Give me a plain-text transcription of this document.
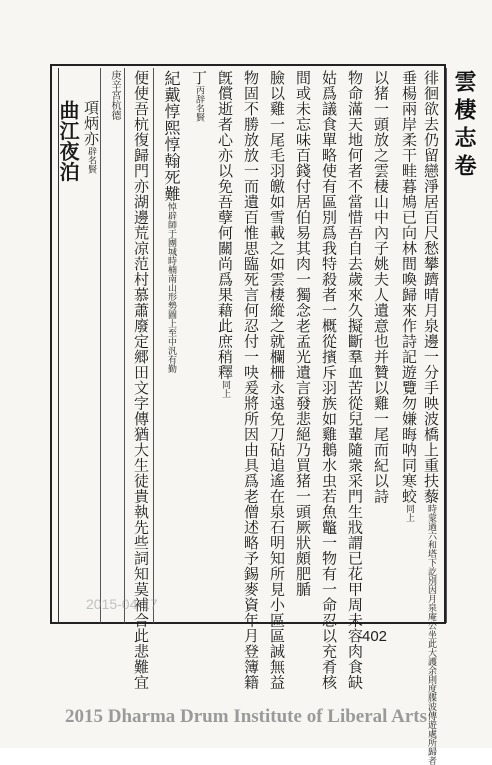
雲棲志卷
徘徊欲去仍留戀淨居百尺愁攀躋晴月泉邊一分手映波橋上重扶藜時蒙過六和塔下訖別因月泉庵公坐此大護余則度牒波傳遊處所歸者
垂楊兩岸柔干畦暮鳩已向林間喚歸來作詩記遊覽勿嫌晦呐同寒蛟同上
以猪一頭放之雲棲山中內子姚夫人遺意也并贊以雞一尾而紀以詩
物命滿天地何者不當惜吾自去歲來久擬斷羣血苦從兒輩隨衆采門生戕謂已花甲周未容肉食缺
姑爲議食單略使有區別爲我特殺者一概從擯斥羽族如雞鵝水虫若魚鼈一物有一命忍以充肴核
間或未忘味百錢付居伯易其肉一獨念老孟光遺言發悲絕乃買猪一頭厥狀頗肥腯
臉以雞一尾毛羽皦如雪載之如雲棲縱之就欄柵永遠免刀砧追遙在泉石明知所見小區區誠無益
物固不勝放放一而遺百惟思臨死言何忍付一吷爰將所因由具爲老僧述略予錫麥資年月登簿籍
旣償逝者心亦以免吾孽何關尚爲果藉此庶稍釋同上
丁丙辞名賢
紀戴惇熙惇翰死難悼辟師于團城時楠南山形勢圖上至中汎有勤
便使吾杭復歸門亦湖邊荒凉范村慕蕭廢定郷田文字傳猶大生徒貴執先些詞知莫補合此悲難宜
庚辛宮杭德
項炳亦辟名賢
曲江夜泊
2015-04-17
402
2015 Dharma Drum Institute of Liberal Arts
